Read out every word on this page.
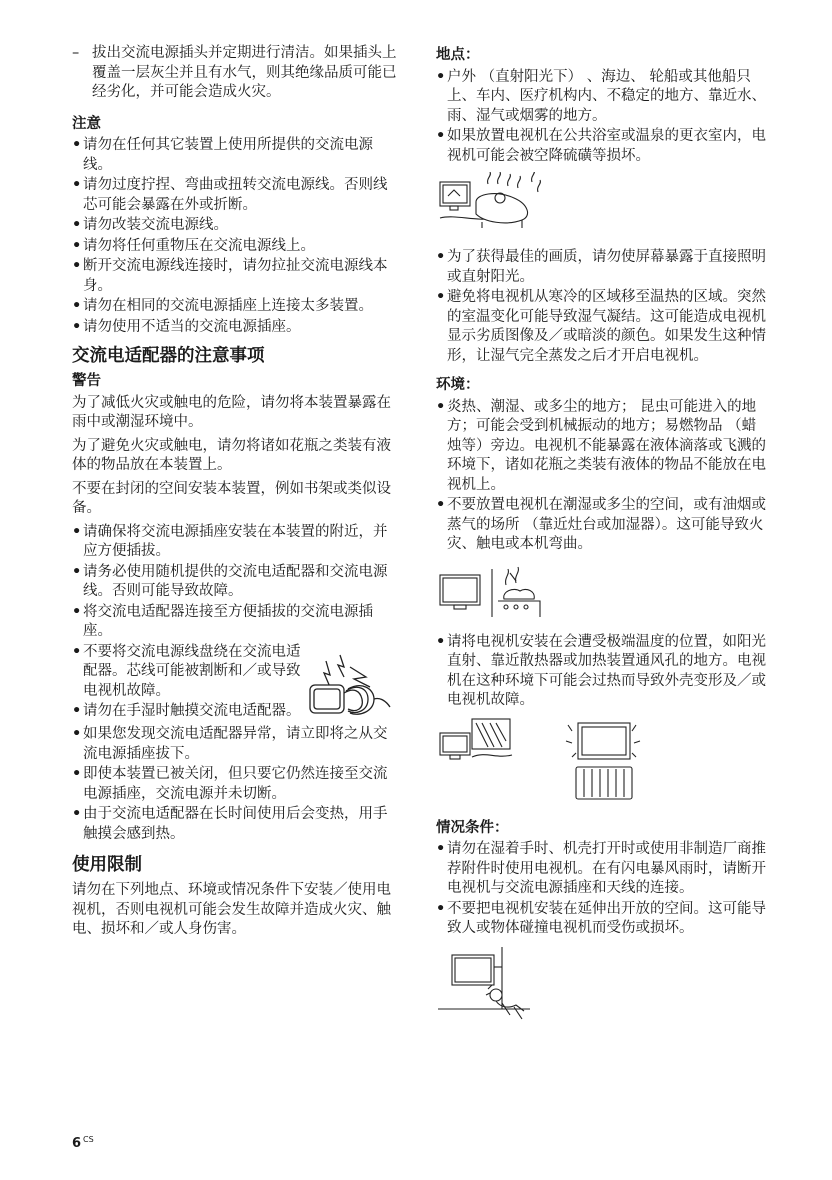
– 拔出交流电源插头并定期进行清洁。如果插头上覆盖一层灰尘并且有水气，则其绝缘品质可能已经劣化，并可能会造成火灾。
注意
• 请勿在任何其它装置上使用所提供的交流电源线。
• 请勿过度拧捏、弯曲或扭转交流电源线。否则线芯可能会暴露在外或折断。
• 请勿改装交流电源线。
• 请勿将任何重物压在交流电源线上。
• 断开交流电源线连接时，请勿拉扯交流电源线本身。
• 请勿在相同的交流电源插座上连接太多装置。
• 请勿使用不适当的交流电源插座。
交流电适配器的注意事项
警告

为了减低火灾或触电的危险，请勿将本装置暴露在雨中或潮湿环境中。

为了避免火灾或触电，请勿将诸如花瓶之类装有液体的物品放在本装置上。

不要在封闭的空间安装本装置，例如书架或类似设备。

• 请确保将交流电源插座安装在本装置的附近，并应方便插拔。
• 请务必使用随机提供的交流电适配器和交流电源线。否则可能导致故障。
• 将交流电适配器连接至方便插拔的交流电源插座。
• 不要将交流电源线盘绕在交流电适配器。芯线可能被割断和／或导致电视机故障。
• 请勿在手湿时触摸交流电适配器。
• 如果您发现交流电适配器异常，请立即将之从交流电源插座拔下。
• 即使本装置已被关闭，但只要它仍然连接至交流电源插座，交流电源并未切断。
• 由于交流电适配器在长时间使用后会变热，用手触摸会感到热。
使用限制

请勿在下列地点、环境或情况条件下安装／使用电视机，否则电视机可能会发生故障并造成火灾、触电、损坏和／或人身伤害。

地点：
• 户外 （直射阳光下） 、海边、 轮船或其他船只上、车内、医疗机构内、不稳定的地方、靠近水、雨、湿气或烟雾的地方。
• 如果放置电视机在公共浴室或温泉的更衣室内，电视机可能会被空降硫磺等损坏。
• 为了获得最佳的画质，请勿使屏幕暴露于直接照明或直射阳光。
• 避免将电视机从寒冷的区域移至温热的区域。突然的室温变化可能导致湿气凝结。这可能造成电视机显示劣质图像及／或暗淡的颜色。如果发生这种情形，让湿气完全蒸发之后才开启电视机。
环境：
• 炎热、潮湿、或多尘的地方； 昆虫可能进入的地方；可能会受到机械振动的地方；易燃物品 （蜡烛等）旁边。电视机不能暴露在液体滴落或飞溅的环境下，诸如花瓶之类装有液体的物品不能放在电视机上。
• 不要放置电视机在潮湿或多尘的空间，或有油烟或蒸气的场所 （靠近灶台或加湿器）。这可能导致火灾、触电或本机弯曲。
• 请将电视机安装在会遭受极端温度的位置，如阳光直射、靠近散热器或加热装置通风孔的地方。电视机在这种环境下可能会过热而导致外壳变形及／或电视机故障。
情况条件：
• 请勿在湿着手时、机壳打开时或使用非制造厂商推荐附件时使用电视机。在有闪电暴风雨时，请断开电视机与交流电源插座和天线的连接。
• 不要把电视机安装在延伸出开放的空间。这可能导致人或物体碰撞电视机而受伤或损坏。
6 $^{CS}$
